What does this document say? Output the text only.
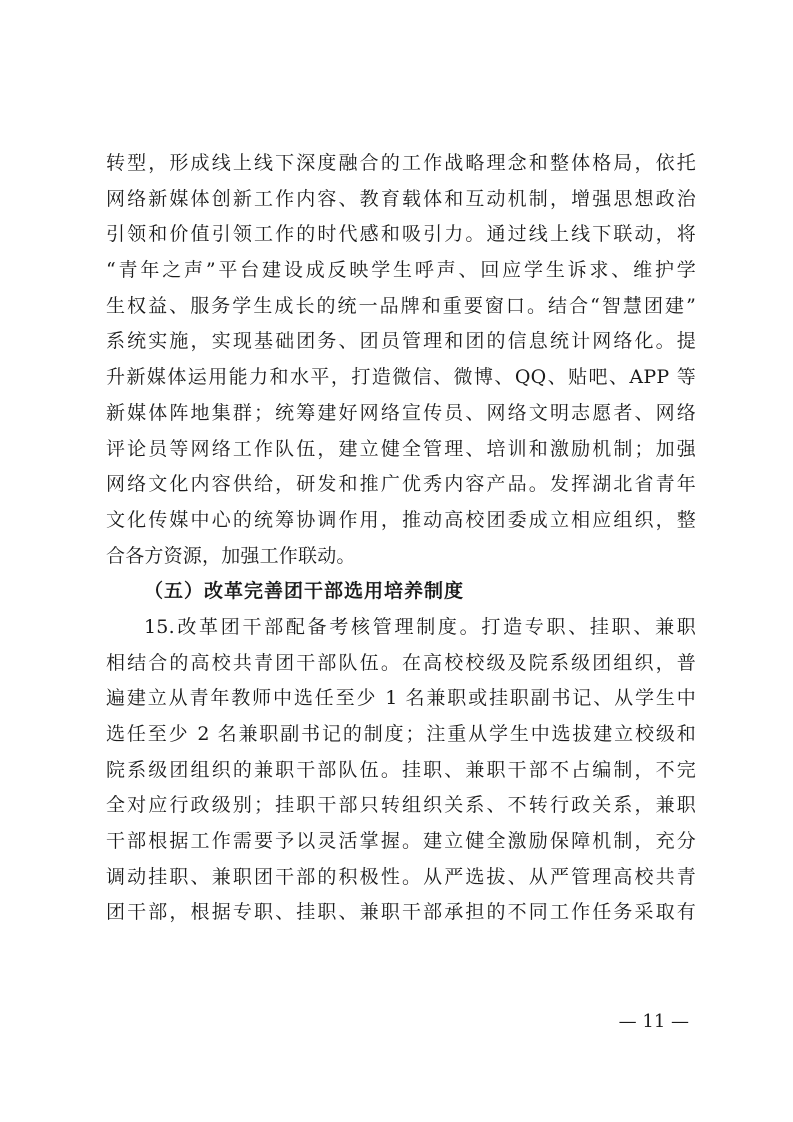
转型，形成线上线下深度融合的工作战略理念和整体格局，依托
网络新媒体创新工作内容、教育载体和互动机制，增强思想政治
引领和价值引领工作的时代感和吸引力。通过线上线下联动，将
“青年之声”平台建设成反映学生呼声、回应学生诉求、维护学
生权益、服务学生成长的统一品牌和重要窗口。结合“智慧团建”
系统实施，实现基础团务、团员管理和团的信息统计网络化。提
升新媒体运用能力和水平，打造微信、微博、QQ、贴吧、APP 等
新媒体阵地集群；统筹建好网络宣传员、网络文明志愿者、网络
评论员等网络工作队伍，建立健全管理、培训和激励机制；加强
网络文化内容供给，研发和推广优秀内容产品。发挥湖北省青年
文化传媒中心的统筹协调作用，推动高校团委成立相应组织，整
合各方资源，加强工作联动。
（五）改革完善团干部选用培养制度
15.改革团干部配备考核管理制度。打造专职、挂职、兼职
相结合的高校共青团干部队伍。在高校校级及院系级团组织，普
遍建立从青年教师中选任至少 1 名兼职或挂职副书记、从学生中
选任至少 2 名兼职副书记的制度；注重从学生中选拔建立校级和
院系级团组织的兼职干部队伍。挂职、兼职干部不占编制，不完
全对应行政级别；挂职干部只转组织关系、不转行政关系，兼职
干部根据工作需要予以灵活掌握。建立健全激励保障机制，充分
调动挂职、兼职团干部的积极性。从严选拔、从严管理高校共青
团干部，根据专职、挂职、兼职干部承担的不同工作任务采取有
— 11 —
